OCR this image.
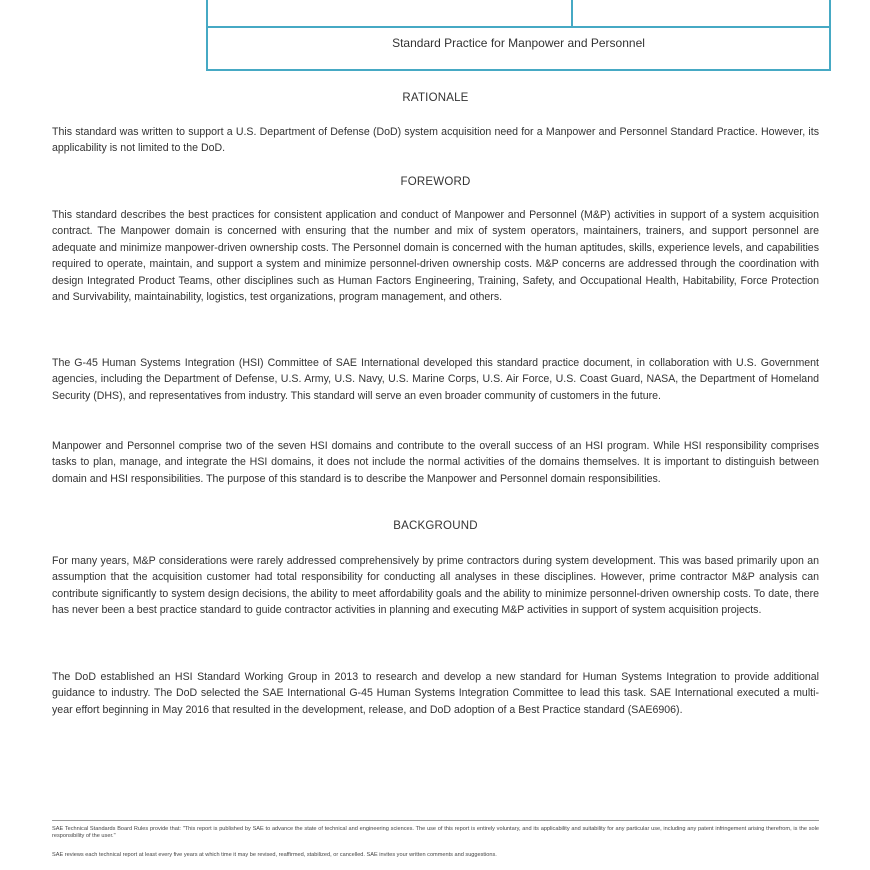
Standard Practice for Manpower and Personnel
RATIONALE

This standard was written to support a U.S. Department of Defense (DoD) system acquisition need for a Manpower and Personnel Standard Practice. However, its applicability is not limited to the DoD.

FOREWORD

This standard describes the best practices for consistent application and conduct of Manpower and Personnel (M&P) activities in support of a system acquisition contract. The Manpower domain is concerned with ensuring that the number and mix of system operators, maintainers, trainers, and support personnel are adequate and minimize manpower-driven ownership costs. The Personnel domain is concerned with the human aptitudes, skills, experience levels, and capabilities required to operate, maintain, and support a system and minimize personnel-driven ownership costs. M&P concerns are addressed through the coordination with design Integrated Product Teams, other disciplines such as Human Factors Engineering, Training, Safety, and Occupational Health, Habitability, Force Protection and Survivability, maintainability, logistics, test organizations, program management, and others.

The G-45 Human Systems Integration (HSI) Committee of SAE International developed this standard practice document, in collaboration with U.S. Government agencies, including the Department of Defense, U.S. Army, U.S. Navy, U.S. Marine Corps, U.S. Air Force, U.S. Coast Guard, NASA, the Department of Homeland Security (DHS), and representatives from industry. This standard will serve an even broader community of customers in the future.

Manpower and Personnel comprise two of the seven HSI domains and contribute to the overall success of an HSI program. While HSI responsibility comprises tasks to plan, manage, and integrate the HSI domains, it does not include the normal activities of the domains themselves. It is important to distinguish between domain and HSI responsibilities. The purpose of this standard is to describe the Manpower and Personnel domain responsibilities.

BACKGROUND

For many years, M&P considerations were rarely addressed comprehensively by prime contractors during system development. This was based primarily upon an assumption that the acquisition customer had total responsibility for conducting all analyses in these disciplines. However, prime contractor M&P analysis can contribute significantly to system design decisions, the ability to meet affordability goals and the ability to minimize personnel-driven ownership costs. To date, there has never been a best practice standard to guide contractor activities in planning and executing M&P activities in support of system acquisition projects.

The DoD established an HSI Standard Working Group in 2013 to research and develop a new standard for Human Systems Integration to provide additional guidance to industry. The DoD selected the SAE International G-45 Human Systems Integration Committee to lead this task. SAE International executed a multi-year effort beginning in May 2016 that resulted in the development, release, and DoD adoption of a Best Practice standard (SAE6906).

SAE Technical Standards Board Rules provide that: "This report is published by SAE to advance the state of technical and engineering sciences. The use of this report is entirely voluntary, and its applicability and suitability for any particular use, including any patent infringement arising therefrom, is the sole responsibility of the user."

SAE reviews each technical report at least every five years at which time it may be revised, reaffirmed, stabilized, or cancelled. SAE invites your written comments and suggestions.
